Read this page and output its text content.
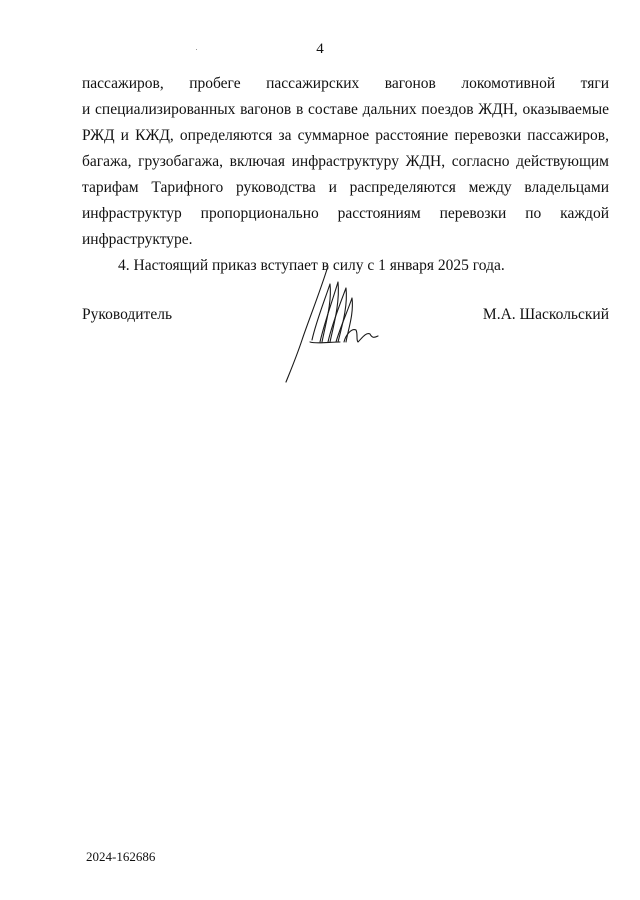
4
пассажиров, пробеге пассажирских вагонов локомотивной тяги
и специализированных вагонов в составе дальних поездов ЖДН, оказываемые
РЖД и КЖД, определяются за суммарное расстояние перевозки пассажиров,
багажа, грузобагажа, включая инфраструктуру ЖДН, согласно действующим
тарифам Тарифного руководства и распределяются между владельцами
инфраструктур пропорционально расстояниям перевозки по каждой
инфраструктуре.

4. Настоящий приказ вступает в силу с 1 января 2025 года.

Руководитель	М.А. Шаскольский
2024-162686
